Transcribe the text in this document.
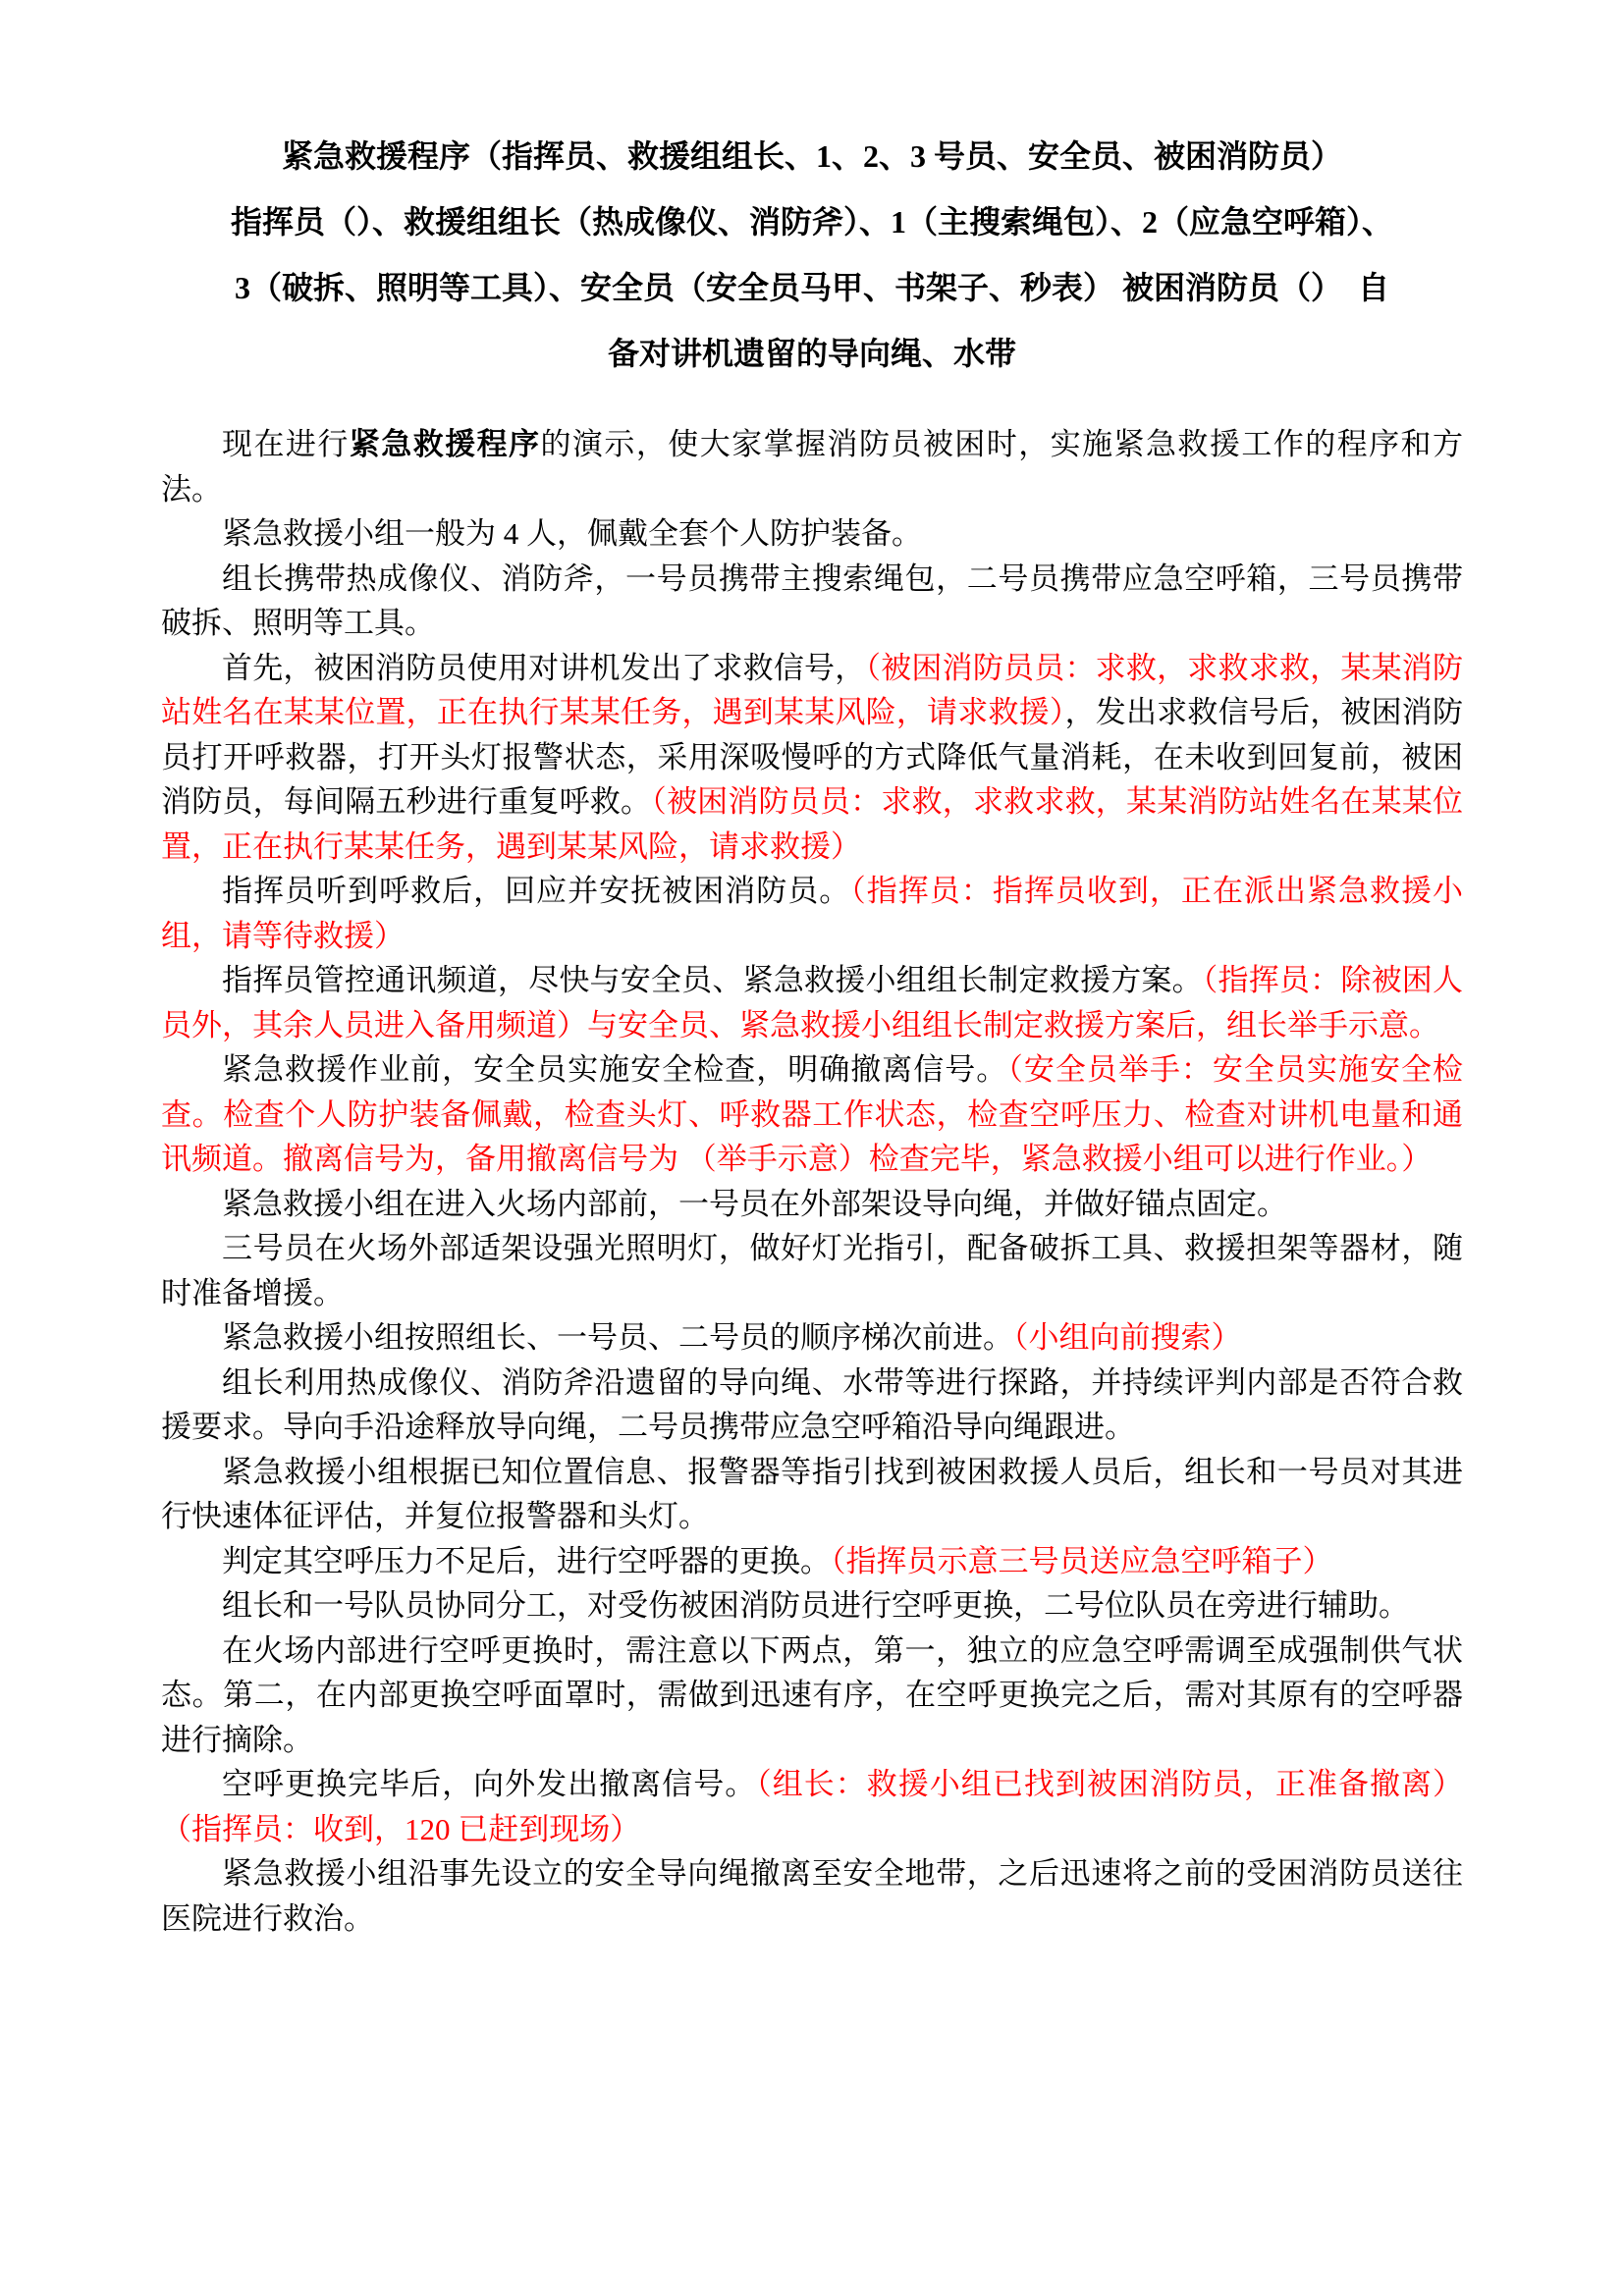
紧急救援程序（指挥员、救援组组长、1、2、3 号员、安全员、被困消防员）
指挥员（）、救援组组长（热成像仪、消防斧）、1（主搜索绳包）、2（应急空呼箱）、
3（破拆、照明等工具）、安全员（安全员马甲、书架子、秒表） 被困消防员（）　自
备对讲机遗留的导向绳、水带

现在进行紧急救援程序的演示，使大家掌握消防员被困时，实施紧急救援工作的程序和方法。

紧急救援小组一般为 4 人，佩戴全套个人防护装备。

组长携带热成像仪、消防斧，一号员携带主搜索绳包，二号员携带应急空呼箱，三号员携带破拆、照明等工具。

首先，被困消防员使用对讲机发出了求救信号，（被困消防员员：求救，求救求救，某某消防站姓名在某某位置，正在执行某某任务，遇到某某风险，请求救援），发出求救信号后，被困消防员打开呼救器，打开头灯报警状态，采用深吸慢呼的方式降低气量消耗，在未收到回复前，被困消防员，每间隔五秒进行重复呼救。（被困消防员员：求救，求救求救，某某消防站姓名在某某位置，正在执行某某任务，遇到某某风险，请求救援）

指挥员听到呼救后，回应并安抚被困消防员。（指挥员：指挥员收到，正在派出紧急救援小组，请等待救援）

指挥员管控通讯频道，尽快与安全员、紧急救援小组组长制定救援方案。（指挥员：除被困人员外，其余人员进入备用频道）与安全员、紧急救援小组组长制定救援方案后，组长举手示意。

紧急救援作业前，安全员实施安全检查，明确撤离信号。（安全员举手：安全员实施安全检查。检查个人防护装备佩戴，检查头灯、呼救器工作状态，检查空呼压力、检查对讲机电量和通讯频道。撤离信号为，备用撤离信号为 （举手示意）检查完毕，紧急救援小组可以进行作业。）

紧急救援小组在进入火场内部前，一号员在外部架设导向绳，并做好锚点固定。

三号员在火场外部适架设强光照明灯，做好灯光指引，配备破拆工具、救援担架等器材，随时准备增援。

紧急救援小组按照组长、一号员、二号员的顺序梯次前进。（小组向前搜索）

组长利用热成像仪、消防斧沿遗留的导向绳、水带等进行探路，并持续评判内部是否符合救援要求。导向手沿途释放导向绳，二号员携带应急空呼箱沿导向绳跟进。

紧急救援小组根据已知位置信息、报警器等指引找到被困救援人员后，组长和一号员对其进行快速体征评估，并复位报警器和头灯。

判定其空呼压力不足后，进行空呼器的更换。（指挥员示意三号员送应急空呼箱子）

组长和一号队员协同分工，对受伤被困消防员进行空呼更换，二号位队员在旁进行辅助。

在火场内部进行空呼更换时，需注意以下两点，第一，独立的应急空呼需调至成强制供气状态。第二，在内部更换空呼面罩时，需做到迅速有序，在空呼更换完之后，需对其原有的空呼器进行摘除。

空呼更换完毕后，向外发出撤离信号。（组长：救援小组已找到被困消防员，正准备撤离）（指挥员：收到，120 已赶到现场）

紧急救援小组沿事先设立的安全导向绳撤离至安全地带，之后迅速将之前的受困消防员送往医院进行救治。
